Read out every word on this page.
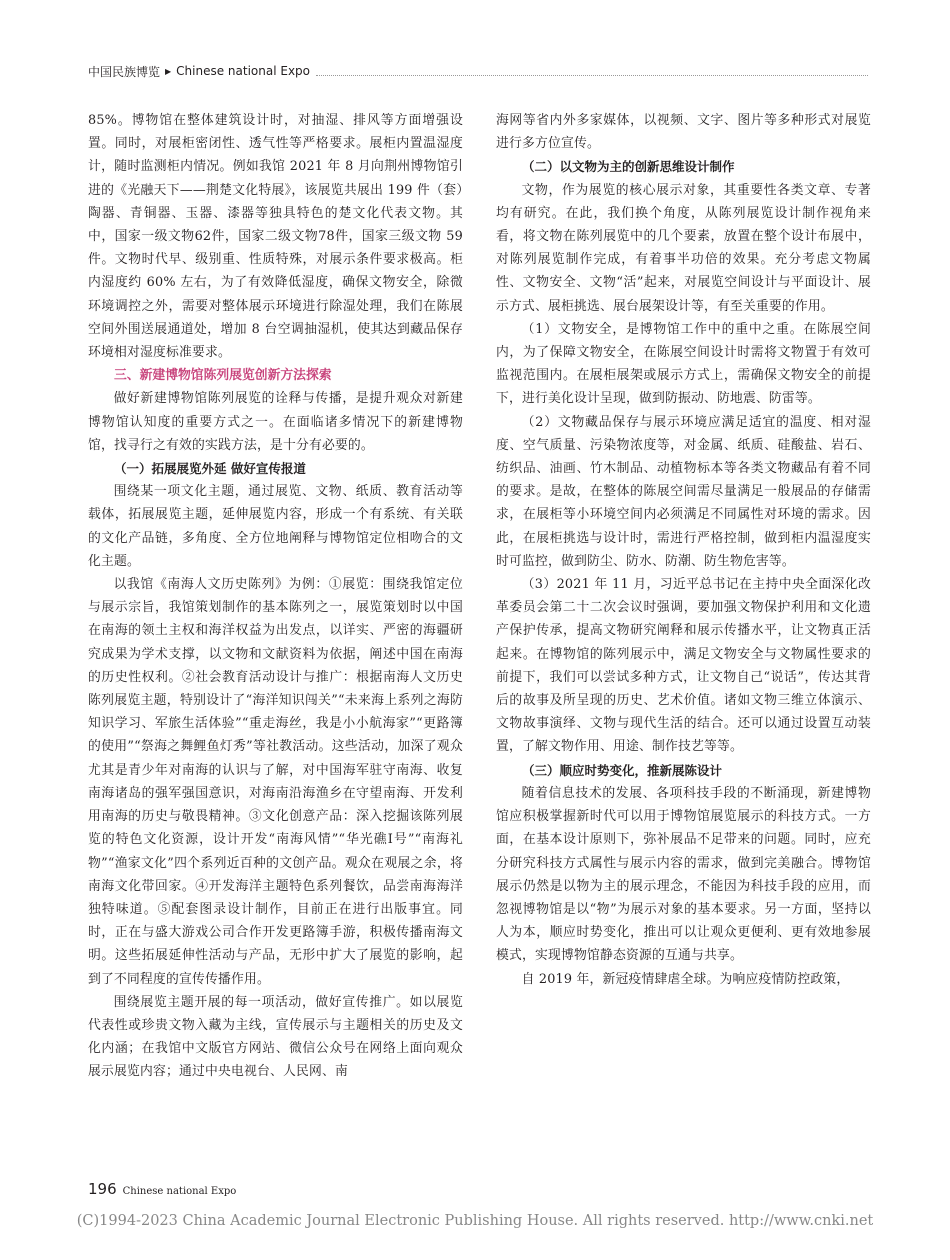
中国民族博览 ▶ Chinese national Expo

85%。博物馆在整体建筑设计时，对抽湿、排风等方面增强设置。同时，对展柜密闭性、透气性等严格要求。展柜内置温湿度计，随时监测柜内情况。例如我馆 2021 年 8 月向荆州博物馆引进的《光融天下——荆楚文化特展》，该展览共展出 199 件（套）陶器、青铜器、玉器、漆器等独具特色的楚文化代表文物。其中，国家一级文物62件，国家二级文物78件，国家三级文物 59 件。文物时代早、级别重、性质特殊，对展示条件要求极高。柜内湿度约 60% 左右，为了有效降低湿度，确保文物安全，除微环境调控之外，需要对整体展示环境进行除湿处理，我们在陈展空间外围送展通道处，增加 8 台空调抽湿机，使其达到藏品保存环境相对湿度标准要求。

三、新建博物馆陈列展览创新方法探索

做好新建博物馆陈列展览的诠释与传播，是提升观众对新建博物馆认知度的重要方式之一。在面临诸多情况下的新建博物馆，找寻行之有效的实践方法，是十分有必要的。

（一）拓展展览外延 做好宣传报道

围绕某一项文化主题，通过展览、文物、纸质、教育活动等载体，拓展展览主题，延伸展览内容，形成一个有系统、有关联的文化产品链，多角度、全方位地阐释与博物馆定位相吻合的文化主题。

以我馆《南海人文历史陈列》为例：①展览：围绕我馆定位与展示宗旨，我馆策划制作的基本陈列之一，展览策划时以中国在南海的领土主权和海洋权益为出发点，以详实、严密的海疆研究成果为学术支撑，以文物和文献资料为依据，阐述中国在南海的历史性权利。②社会教育活动设计与推广：根据南海人文历史陈列展览主题，特别设计了“海洋知识闯关”“未来海上系列之海防知识学习、军旅生活体验”“重走海丝，我是小小航海家”“更路簿的使用”“祭海之舞鲤鱼灯秀”等社教活动。这些活动，加深了观众尤其是青少年对南海的认识与了解，对中国海军驻守南海、收复南海诸岛的强军强国意识，对海南沿海渔乡在守望南海、开发利用南海的历史与敬畏精神。③文化创意产品：深入挖掘该陈列展览的特色文化资源，设计开发“南海风情”“华光礁Ⅰ号”“南海礼物”“渔家文化”四个系列近百种的文创产品。观众在观展之余，将南海文化带回家。④开发海洋主题特色系列餐饮，品尝南海海洋独特味道。⑤配套图录设计制作，目前正在进行出版事宜。同时，正在与盛大游戏公司合作开发更路簿手游，积极传播南海文明。这些拓展延伸性活动与产品，无形中扩大了展览的影响，起到了不同程度的宣传传播作用。

围绕展览主题开展的每一项活动，做好宣传推广。如以展览代表性或珍贵文物入藏为主线，宣传展示与主题相关的历史及文化内涵；在我馆中文版官方网站、微信公众号在网络上面向观众展示展览内容；通过中央电视台、人民网、南

海网等省内外多家媒体，以视频、文字、图片等多种形式对展览进行多方位宣传。

（二）以文物为主的创新思维设计制作

文物，作为展览的核心展示对象，其重要性各类文章、专著均有研究。在此，我们换个角度，从陈列展览设计制作视角来看，将文物在陈列展览中的几个要素，放置在整个设计布展中，对陈列展览制作完成，有着事半功倍的效果。充分考虑文物属性、文物安全、文物“活”起来，对展览空间设计与平面设计、展示方式、展柜挑选、展台展架设计等，有至关重要的作用。

（1）文物安全，是博物馆工作中的重中之重。在陈展空间内，为了保障文物安全，在陈展空间设计时需将文物置于有效可监视范围内。在展柜展架或展示方式上，需确保文物安全的前提下，进行美化设计呈现，做到防振动、防地震、防雷等。

（2）文物藏品保存与展示环境应满足适宜的温度、相对湿度、空气质量、污染物浓度等，对金属、纸质、硅酸盐、岩石、纺织品、油画、竹木制品、动植物标本等各类文物藏品有着不同的要求。是故，在整体的陈展空间需尽量满足一般展品的存储需求，在展柜等小环境空间内必须满足不同属性对环境的需求。因此，在展柜挑选与设计时，需进行严格控制，做到柜内温湿度实时可监控，做到防尘、防水、防潮、防生物危害等。

（3）2021 年 11 月，习近平总书记在主持中央全面深化改革委员会第二十二次会议时强调，要加强文物保护利用和文化遗产保护传承，提高文物研究阐释和展示传播水平，让文物真正活起来。在博物馆的陈列展示中，满足文物安全与文物属性要求的前提下，我们可以尝试多种方式，让文物自己“说话”，传达其背后的故事及所呈现的历史、艺术价值。诸如文物三维立体演示、文物故事演绎、文物与现代生活的结合。还可以通过设置互动装置，了解文物作用、用途、制作技艺等等。

（三）顺应时势变化，推新展陈设计

随着信息技术的发展、各项科技手段的不断涌现，新建博物馆应积极掌握新时代可以用于博物馆展览展示的科技方式。一方面，在基本设计原则下，弥补展品不足带来的问题。同时，应充分研究科技方式属性与展示内容的需求，做到完美融合。博物馆展示仍然是以物为主的展示理念，不能因为科技手段的应用，而忽视博物馆是以“物”为展示对象的基本要求。另一方面，坚持以人为本，顺应时势变化，推出可以让观众更便利、更有效地参展模式，实现博物馆静态资源的互通与共享。

自 2019 年，新冠疫情肆虐全球。为响应疫情防控政策，

196 Chinese national Expo
(C)1994-2023 China Academic Journal Electronic Publishing House. All rights reserved. http://www.cnki.net
